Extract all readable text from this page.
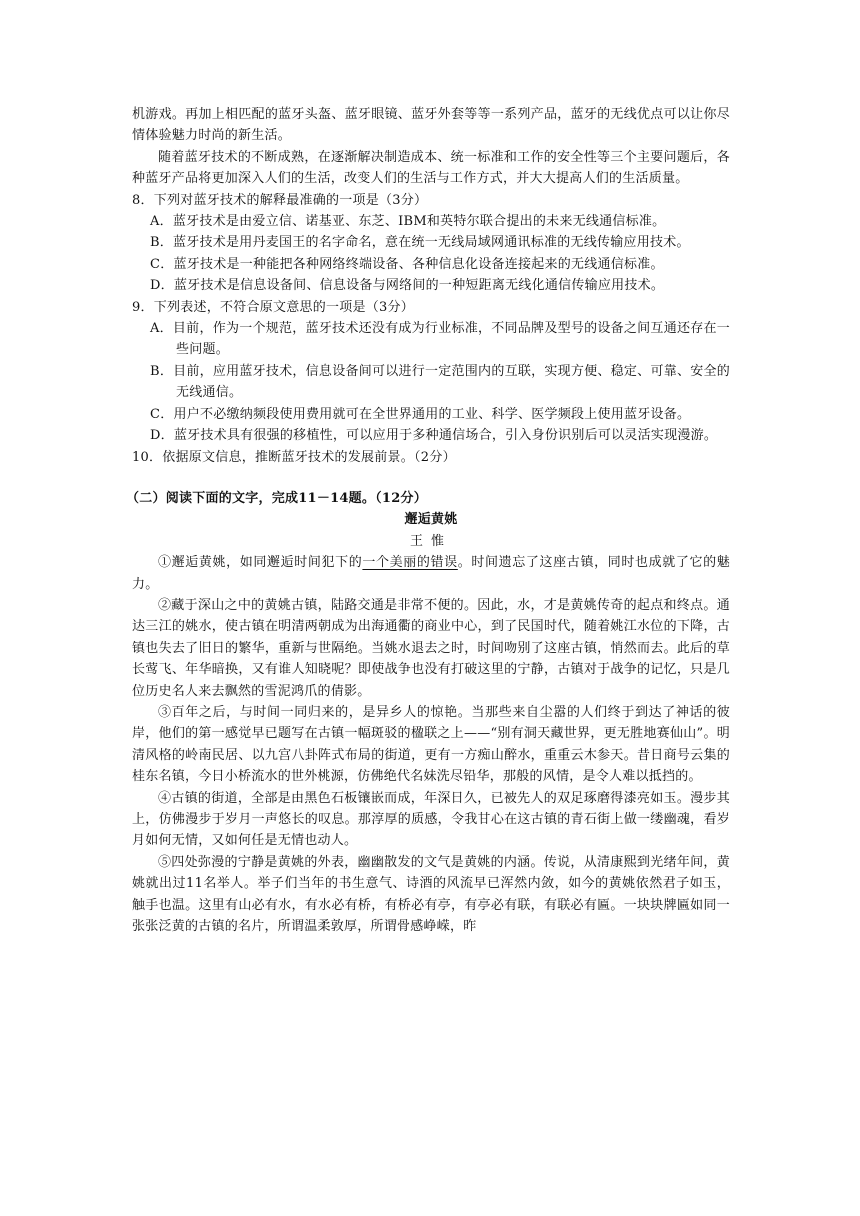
机游戏。再加上相匹配的蓝牙头盔、蓝牙眼镜、蓝牙外套等等一系列产品，蓝牙的无线优点可以让你尽情体验魅力时尚的新生活。

随着蓝牙技术的不断成熟，在逐渐解决制造成本、统一标准和工作的安全性等三个主要问题后，各种蓝牙产品将更加深入人们的生活，改变人们的生活与工作方式，并大大提高人们的生活质量。

8．下列对蓝牙技术的解释最准确的一项是（3分）

A．蓝牙技术是由爱立信、诺基亚、东芝、IBM和英特尔联合提出的未来无线通信标准。

B．蓝牙技术是用丹麦国王的名字命名，意在统一无线局域网通讯标准的无线传输应用技术。

C．蓝牙技术是一种能把各种网络终端设备、各种信息化设备连接起来的无线通信标准。

D．蓝牙技术是信息设备间、信息设备与网络间的一种短距离无线化通信传输应用技术。

9．下列表述，不符合原文意思的一项是（3分）

A．目前，作为一个规范，蓝牙技术还没有成为行业标准，不同品牌及型号的设备之间互通还存在一些问题。

B．目前，应用蓝牙技术，信息设备间可以进行一定范围内的互联，实现方便、稳定、可靠、安全的无线通信。

C．用户不必缴纳频段使用费用就可在全世界通用的工业、科学、医学频段上使用蓝牙设备。

D．蓝牙技术具有很强的移植性，可以应用于多种通信场合，引入身份识别后可以灵活实现漫游。

10．依据原文信息，推断蓝牙技术的发展前景。（2分）

（二）阅读下面的文字，完成11－14题。（12分）

邂逅黄姚

王惟

①邂逅黄姚，如同邂逅时间犯下的一个美丽的错误。时间遗忘了这座古镇，同时也成就了它的魅力。

②藏于深山之中的黄姚古镇，陆路交通是非常不便的。因此，水，才是黄姚传奇的起点和终点。通达三江的姚水，使古镇在明清两朝成为出海通衢的商业中心，到了民国时代，随着姚江水位的下降，古镇也失去了旧日的繁华，重新与世隔绝。当姚水退去之时，时间吻别了这座古镇，悄然而去。此后的草长莺飞、年华暗换，又有谁人知晓呢？即使战争也没有打破这里的宁静，古镇对于战争的记忆，只是几位历史名人来去飘然的雪泥鸿爪的倩影。

③百年之后，与时间一同归来的，是异乡人的惊艳。当那些来自尘嚣的人们终于到达了神话的彼岸，他们的第一感觉早已题写在古镇一幅斑驳的楹联之上——“别有洞天藏世界，更无胜地赛仙山”。明清风格的岭南民居、以九宫八卦阵式布局的街道，更有一方痴山醉水，重重云木参天。昔日商号云集的桂东名镇，今日小桥流水的世外桃源，仿佛绝代名妹洗尽铅华，那般的风情，是令人难以抵挡的。

④古镇的街道，全部是由黑色石板镶嵌而成，年深日久，已被先人的双足琢磨得漆亮如玉。漫步其上，仿佛漫步于岁月一声悠长的叹息。那淳厚的质感，令我甘心在这古镇的青石街上做一缕幽魂，看岁月如何无情，又如何任是无情也动人。

⑤四处弥漫的宁静是黄姚的外表，幽幽散发的文气是黄姚的内涵。传说，从清康熙到光绪年间，黄姚就出过11名举人。举子们当年的书生意气、诗酒的风流早已浑然内敛，如今的黄姚依然君子如玉，触手也温。这里有山必有水，有水必有桥，有桥必有亭，有亭必有联，有联必有匾。一块块牌匾如同一张张泛黄的古镇的名片，所谓温柔敦厚，所谓骨感峥嵘，昨
